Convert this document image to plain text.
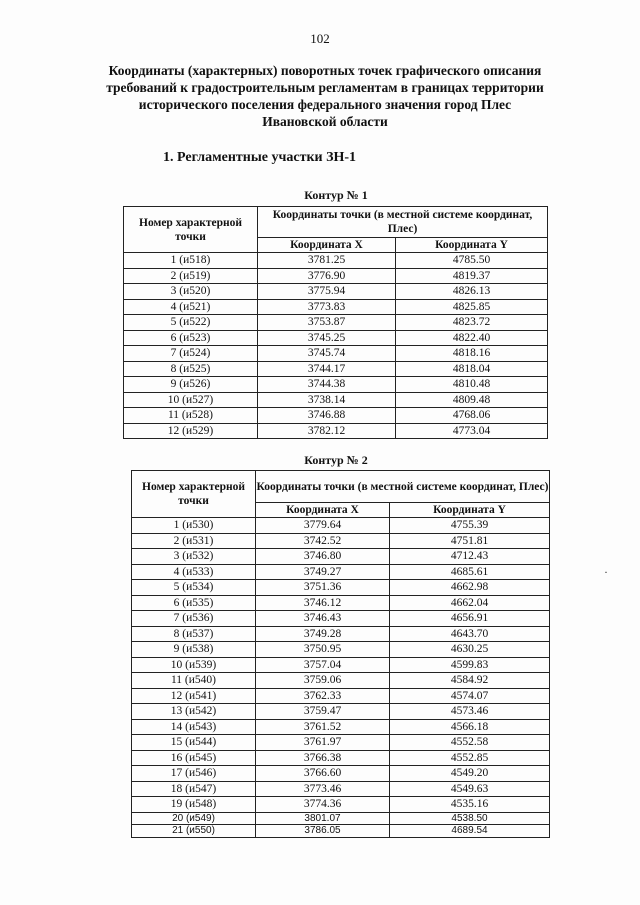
102
Координаты (характерных) поворотных точек графического описания
требований к градостроительным регламентам в границах территории
исторического поселения федерального значения город Плес
Ивановской области
1. Регламентные участки ЗН-1
Контур № 1
Номер характерной точки	Координаты точки (в местной системе координат, Плес)	
	Координата X	Координата Y
1 (и518)	3781.25	4785.50
2 (и519)	3776.90	4819.37
3 (и520)	3775.94	4826.13
4 (и521)	3773.83	4825.85
5 (и522)	3753.87	4823.72
6 (и523)	3745.25	4822.40
7 (и524)	3745.74	4818.16
8 (и525)	3744.17	4818.04
9 (и526)	3744.38	4810.48
10 (и527)	3738.14	4809.48
11 (и528)	3746.88	4768.06
12 (и529)	3782.12	4773.04
Контур № 2
Номер характерной точки	Координаты точки (в местной системе координат, Плес)	
	Координата X	Координата Y
1 (и530)	3779.64	4755.39
2 (и531)	3742.52	4751.81
3 (и532)	3746.80	4712.43
4 (и533)	3749.27	4685.61
5 (и534)	3751.36	4662.98
6 (и535)	3746.12	4662.04
7 (и536)	3746.43	4656.91
8 (и537)	3749.28	4643.70
9 (и538)	3750.95	4630.25
10 (и539)	3757.04	4599.83
11 (и540)	3759.06	4584.92
12 (и541)	3762.33	4574.07
13 (и542)	3759.47	4573.46
14 (и543)	3761.52	4566.18
15 (и544)	3761.97	4552.58
16 (и545)	3766.38	4552.85
17 (и546)	3766.60	4549.20
18 (и547)	3773.46	4549.63
19 (и548)	3774.36	4535.16
20 (и549)	3801.07	4538.50
21 (и550)	3786.05	4689.54
·
